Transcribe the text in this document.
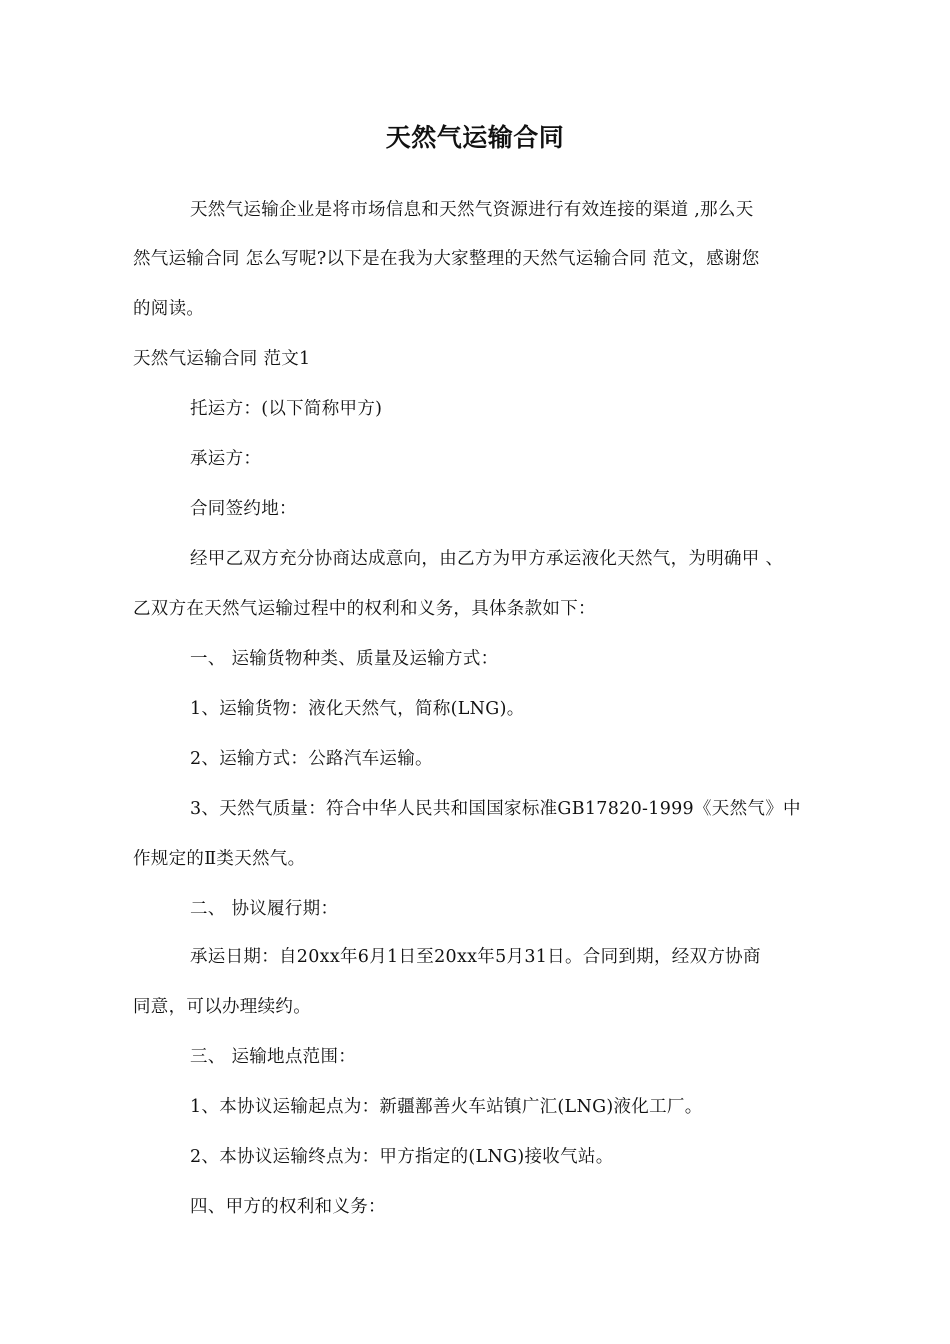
天然气运输合同
天然气运输企业是将市场信息和天然气资源进行有效连接的渠道 ,那么天
然气运输合同 怎么写呢?以下是在我为大家整理的天然气运输合同 范文，感谢您
的阅读。
天然气运输合同 范文1
托运方：(以下简称甲方)
承运方：
合同签约地：
经甲乙双方充分协商达成意向，由乙方为甲方承运液化天然气，为明确甲 、
乙双方在天然气运输过程中的权利和义务，具体条款如下：
一、 运输货物种类、质量及运输方式：
1、运输货物：液化天然气，简称(LNG)。
2、运输方式：公路汽车运输。
3、天然气质量：符合中华人民共和国国家标准GB17820-1999《天然气》中
作规定的Ⅱ类天然气。
二、 协议履行期：
承运日期：自20xx年6月1日至20xx年5月31日。合同到期，经双方协商
同意，可以办理续约。
三、 运输地点范围：
1、本协议运输起点为：新疆鄯善火车站镇广汇(LNG)液化工厂。
2、本协议运输终点为：甲方指定的(LNG)接收气站。
四、甲方的权利和义务：
